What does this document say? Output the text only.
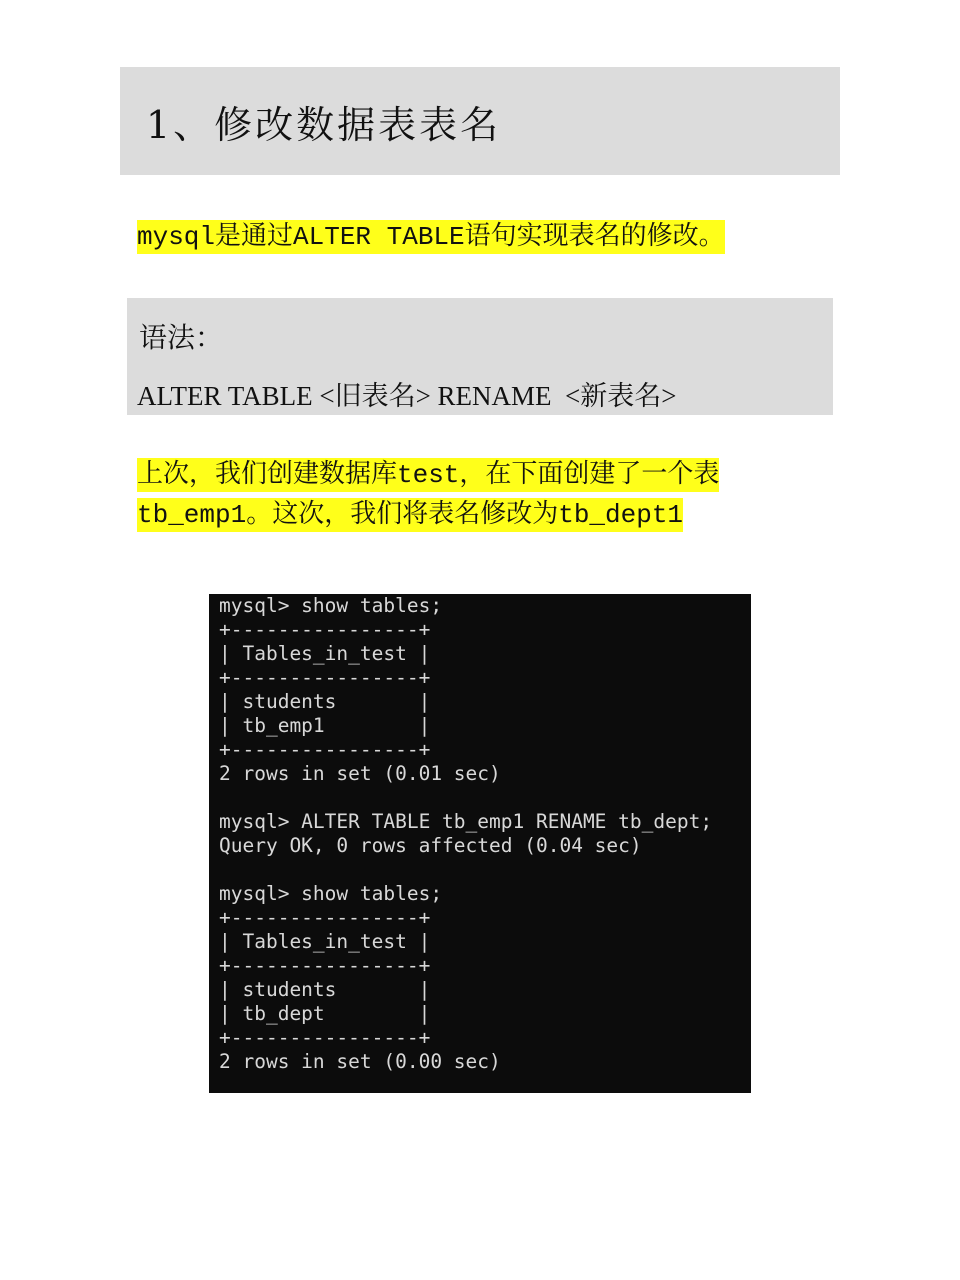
1、修改数据表表名
mysql是通过ALTER TABLE语句实现表名的修改。
语法：
ALTER TABLE <旧表名> RENAME  <新表名>
上次，我们创建数据库test，在下面创建了一个表
tb_emp1。这次，我们将表名修改为tb_dept1
mysql> show tables;
+----------------+
| Tables_in_test |
+----------------+
| students       |
| tb_emp1        |
+----------------+
2 rows in set (0.01 sec)
mysql> ALTER TABLE tb_emp1 RENAME tb_dept;
Query OK, 0 rows affected (0.04 sec)
mysql> show tables;
+----------------+
| Tables_in_test |
+----------------+
| students       |
| tb_dept        |
+----------------+
2 rows in set (0.00 sec)
